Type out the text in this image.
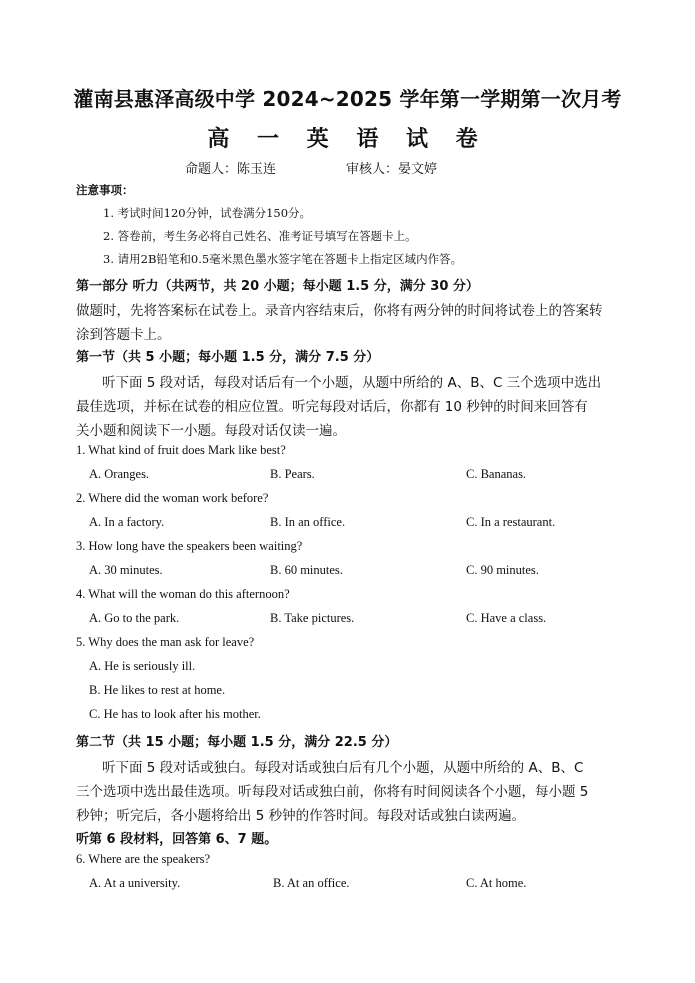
灌南县惠泽高级中学 2024~2025 学年第一学期第一次月考
高 一 英 语 试 卷
命题人：陈玉连	审核人：晏文婷
注意事项：
1. 考试时间120分钟，试卷满分150分。
2. 答卷前，考生务必将自己姓名、准考证号填写在答题卡上。
3. 请用2B铅笔和0.5毫米黑色墨水签字笔在答题卡上指定区域内作答。
第一部分 听力（共两节，共 20 小题；每小题 1.5 分，满分 30 分）
做题时，先将答案标在试卷上。录音内容结束后，你将有两分钟的时间将试卷上的答案转
涂到答题卡上。
第一节（共 5 小题；每小题 1.5 分，满分 7.5 分）
听下面 5 段对话，每段对话后有一个小题，从题中所给的 A、B、C 三个选项中选出
最佳选项，并标在试卷的相应位置。听完每段对话后，你都有 10 秒钟的时间来回答有
关小题和阅读下一小题。每段对话仅读一遍。
1. What kind of fruit does Mark like best?
A. Oranges.	B. Pears.	C. Bananas.
2. Where did the woman work before?
A. In a factory.	B. In an office.	C. In a restaurant.
3. How long have the speakers been waiting?
A. 30 minutes.	B. 60 minutes.	C. 90 minutes.
4. What will the woman do this afternoon?
A. Go to the park.	B. Take pictures.	C. Have a class.
5. Why does the man ask for leave?
A. He is seriously ill.
B. He likes to rest at home.
C. He has to look after his mother.
第二节（共 15 小题；每小题 1.5 分，满分 22.5 分）
听下面 5 段对话或独白。每段对话或独白后有几个小题，从题中所给的 A、B、C
三个选项中选出最佳选项。听每段对话或独白前，你将有时间阅读各个小题，每小题 5
秒钟；听完后，各小题将给出 5 秒钟的作答时间。每段对话或独白读两遍。
听第 6 段材料，回答第 6、7 题。
6. Where are the speakers?
A. At a university.	B. At an office.	C. At home.
